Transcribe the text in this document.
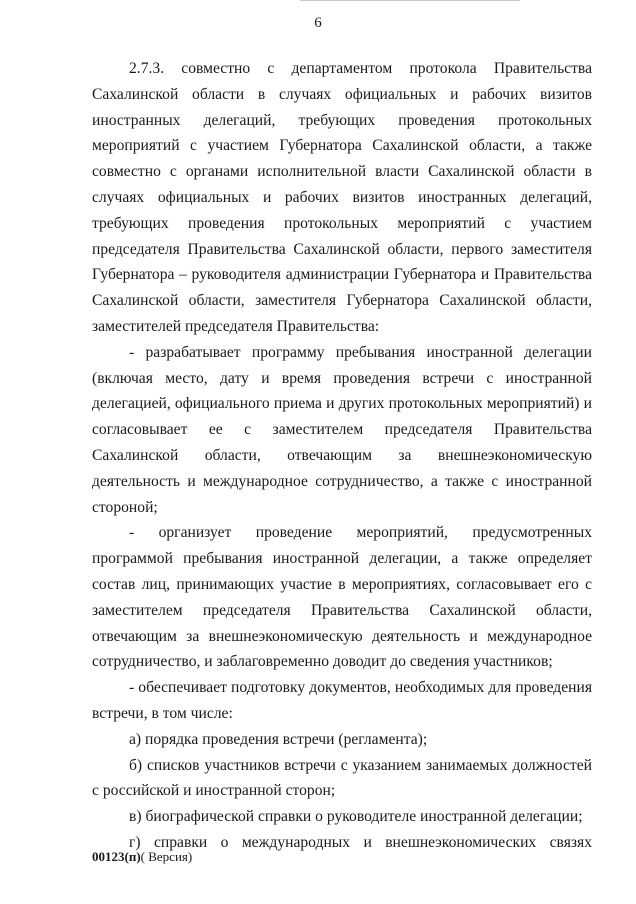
6

2.7.3. совместно с департаментом протокола Правительства Сахалинской области в случаях официальных и рабочих визитов иностранных делегаций, требующих проведения протокольных мероприятий с участием Губернатора Сахалинской области, а также совместно с органами исполнительной власти Сахалинской области в случаях официальных и рабочих визитов иностранных делегаций, требующих проведения протокольных мероприятий с участием председателя Правительства Сахалинской области, первого заместителя Губернатора – руководителя администрации Губернатора и Правительства Сахалинской области, заместителя Губернатора Сахалинской области, заместителей председателя Правительства:

- разрабатывает программу пребывания иностранной делегации (включая место, дату и время проведения встречи с иностранной делегацией, официального приема и других протокольных мероприятий) и согласовывает ее с заместителем председателя Правительства Сахалинской области, отвечающим за внешнеэкономическую деятельность и международное сотрудничество, а также с иностранной стороной;

- организует проведение мероприятий, предусмотренных программой пребывания иностранной делегации, а также определяет состав лиц, принимающих участие в мероприятиях, согласовывает его с заместителем председателя Правительства Сахалинской области, отвечающим за внешнеэкономическую деятельность и международное сотрудничество, и заблаговременно доводит до сведения участников;

- обеспечивает подготовку документов, необходимых для проведения встречи, в том числе:

а) порядка проведения встречи (регламента);

б) списков участников встречи с указанием занимаемых должностей с российской и иностранной сторон;

в) биографической справки о руководителе иностранной делегации;

г) справки о международных и внешнеэкономических связях

00123(п)( Версия)
